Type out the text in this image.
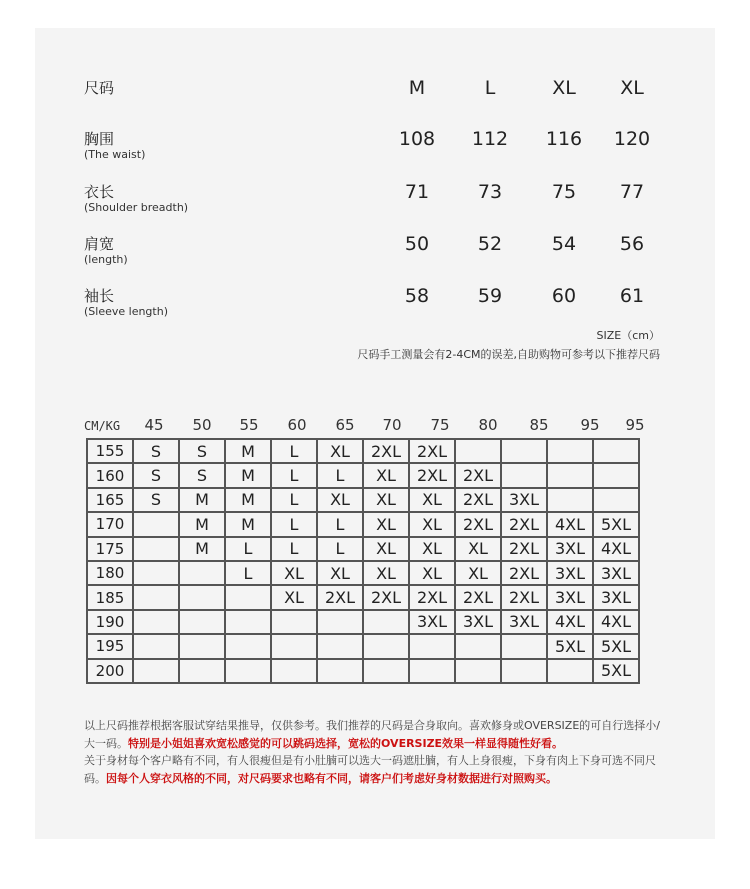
尺码	M	L	XL	XL
胸围
(The waist)
108	112	116	120
衣长
(Shoulder breadth)
71	73	75	77
肩宽
(length)
50	52	54	56
袖长
(Sleeve length)
58	59	60	61
SIZE（cm）
尺码手工测量会有2-4CM的误差,自助购物可参考以下推荐尺码
CM/KG	45	50	55	60	65	70	75	80	85	95	95
155	S	S	M	L	XL	2XL	2XL				
160	S	S	M	L	L	XL	2XL	2XL			
165	S	M	M	L	XL	XL	XL	2XL	3XL		
170		M	M	L	L	XL	XL	2XL	2XL	4XL	5XL
175		M	L	L	L	XL	XL	XL	2XL	3XL	4XL
180			L	XL	XL	XL	XL	XL	2XL	3XL	3XL
185				XL	2XL	2XL	2XL	2XL	2XL	3XL	3XL
190							3XL	3XL	3XL	4XL	4XL
195										5XL	5XL
200											5XL
以上尺码推荐根据客服试穿结果推导，仅供参考。我们推荐的尺码是合身取向。喜欢修身或OVERSIZE的可自行选择小/大一码。特别是小姐姐喜欢宽松感觉的可以跳码选择，宽松的OVERSIZE效果一样显得随性好看。
关于身材每个客户略有不同，有人很瘦但是有小肚腩可以选大一码遮肚腩，有人上身很瘦，下身有肉上下身可选不同尺码。因每个人穿衣风格的不同，对尺码要求也略有不同，请客户们考虑好身材数据进行对照购买。
